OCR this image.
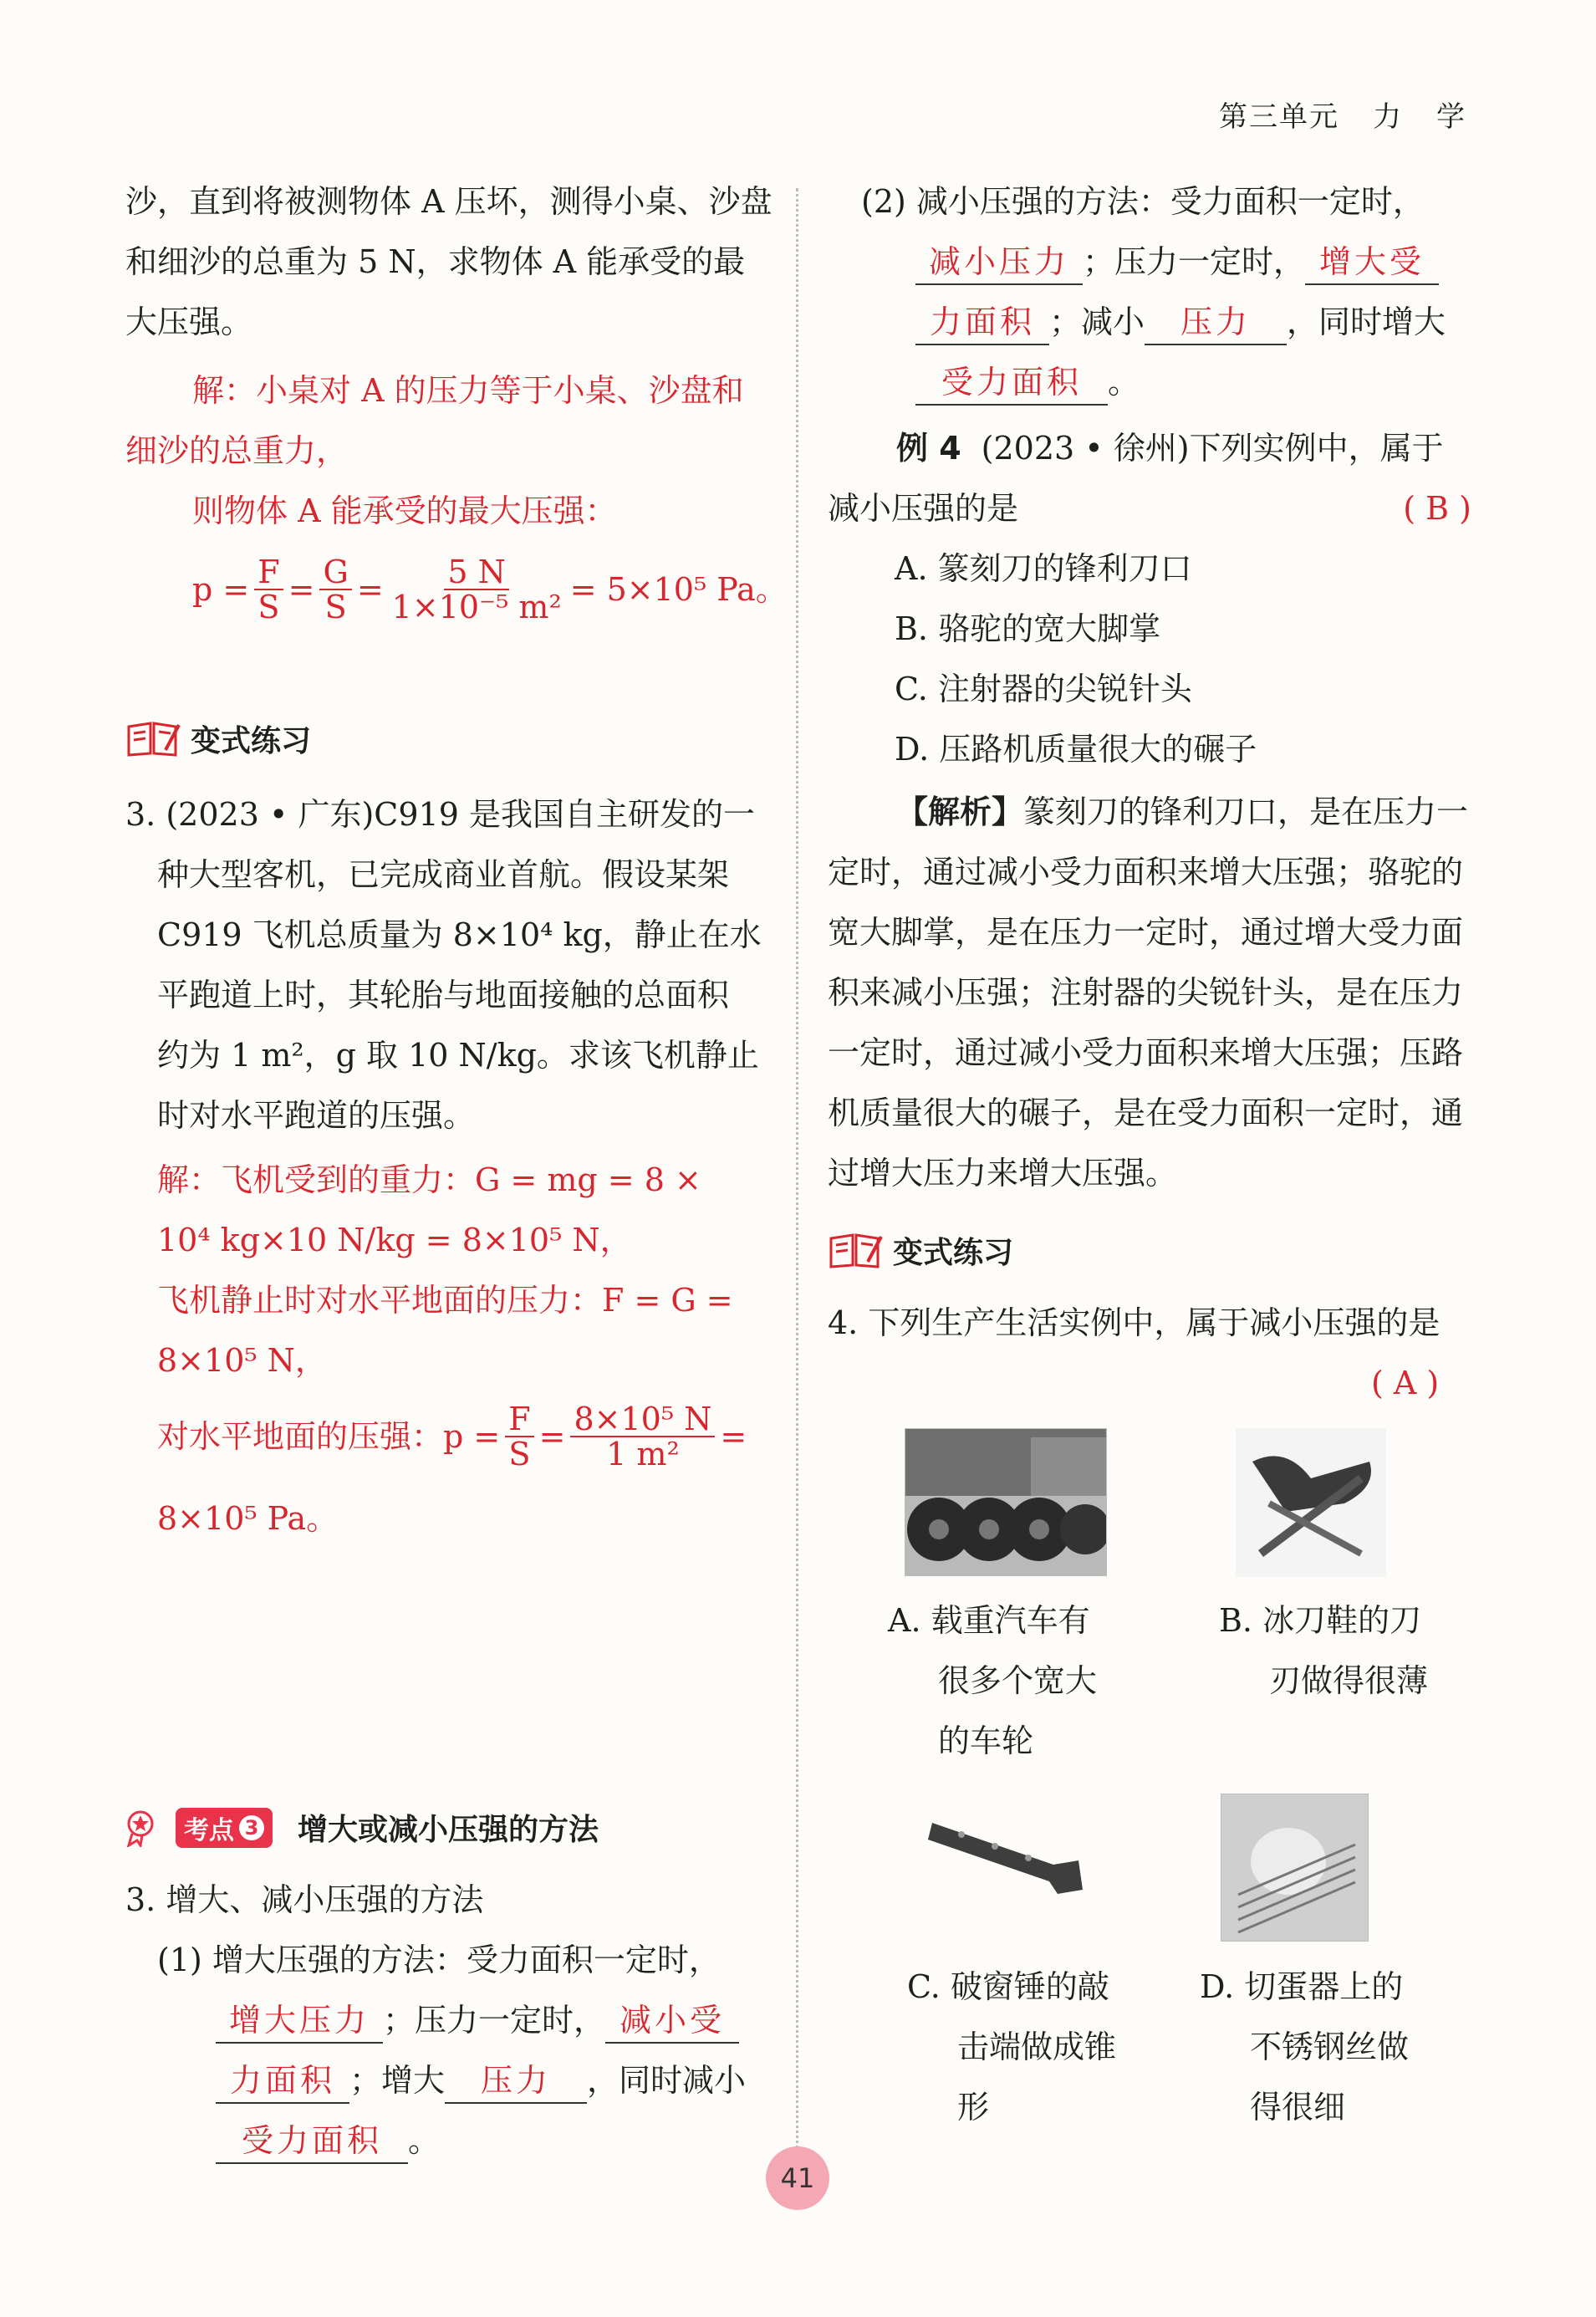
第三单元 力 学
沙，直到将被测物体 A 压坏，测得小桌、沙盘
和细沙的总重为 5 N，求物体 A 能承受的最
大压强。
解：小桌对 A 的压力等于小桌、沙盘和
细沙的总重力，
则物体 A 能承受的最大压强：
$p = \frac{F}{S} = \frac{G}{S} = \frac{5 N}{\text{1×10⁻⁵ m²}} = 5\times 10^5$ Pa。
变式练习
3. (2023 • 广东)C919 是我国自主研发的一
种大型客机，已完成商业首航。假设某架
C919 飞机总质量为 8×10⁴ kg，静止在水
平跑道上时，其轮胎与地面接触的总面积
约为 1 m²，g 取 10 N/kg。求该飞机静止
时对水平跑道的压强。
解：飞机受到的重力：G = mg = 8 ×
10⁴ kg×10 N/kg = 8×10⁵ N，
飞机静止时对水平地面的压力：F = G =
8×10⁵ N，
对水平地面的压强：$p = \frac{F}{S} = \frac{\text{8×10⁵ N}}{\text{1 m²}}$ =
8×10⁵ Pa。
考点 3 增大或减小压强的方法
3. 增大、减小压强的方法
(1) 增大压强的方法：受力面积一定时，
增大压力 ；压力一定时， 减小受
力面积 ；增大 压力 ，同时减小
受力面积 。
(2) 减小压强的方法：受力面积一定时，
减小压力 ；压力一定时， 增大受
力面积 ；减小 压力 ，同时增大
受力面积 。
例 4 (2023 • 徐州)下列实例中，属于
减小压强的是	( B )
A. 篆刻刀的锋利刀口
B. 骆驼的宽大脚掌
C. 注射器的尖锐针头
D. 压路机质量很大的碾子
【解析】篆刻刀的锋利刀口，是在压力一
定时，通过减小受力面积来增大压强；骆驼的
宽大脚掌，是在压力一定时，通过增大受力面
积来减小压强；注射器的尖锐针头，是在压力
一定时，通过减小受力面积来增大压强；压路
机质量很大的碾子，是在受力面积一定时，通
过增大压力来增大压强。
变式练习
4. 下列生产生活实例中，属于减小压强的是
( A )
A. 载重汽车有
很多个宽大
的车轮
B. 冰刀鞋的刀
刃做得很薄
C. 破窗锤的敲
击端做成锥
形
D. 切蛋器上的
不锈钢丝做
得很细
41
